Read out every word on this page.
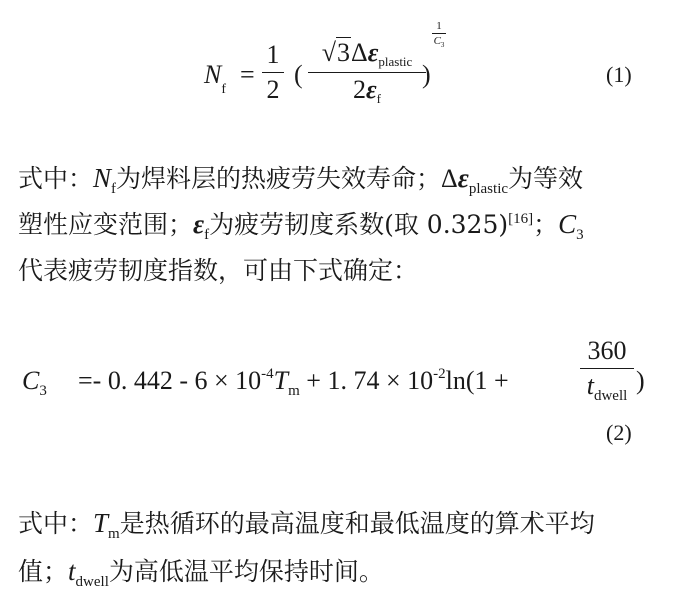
$N_f$
=
1
2
(
√3Δεplastic
2εf
)
1
$C_3$
(1)
式中：$N_f$为焊料层的热疲劳失效寿命；$\Delta\varepsilon_{plastic}$为等效
塑性应变范围；$\varepsilon_f$为疲劳韧度系数(取 0.325)[16]；$C_3$
代表疲劳韧度指数，可由下式确定：
$C_3 =- 0$. $442 - 6 \times 10^{-4}T_m + 1$. $74 \times 10^{-2}\ln(1$ +
360
$t_{dwell}$
)
(2)
式中：$T_m$是热循环的最高温度和最低温度的算术平均
值；$t_{dwell}$为高低温平均保持时间。
